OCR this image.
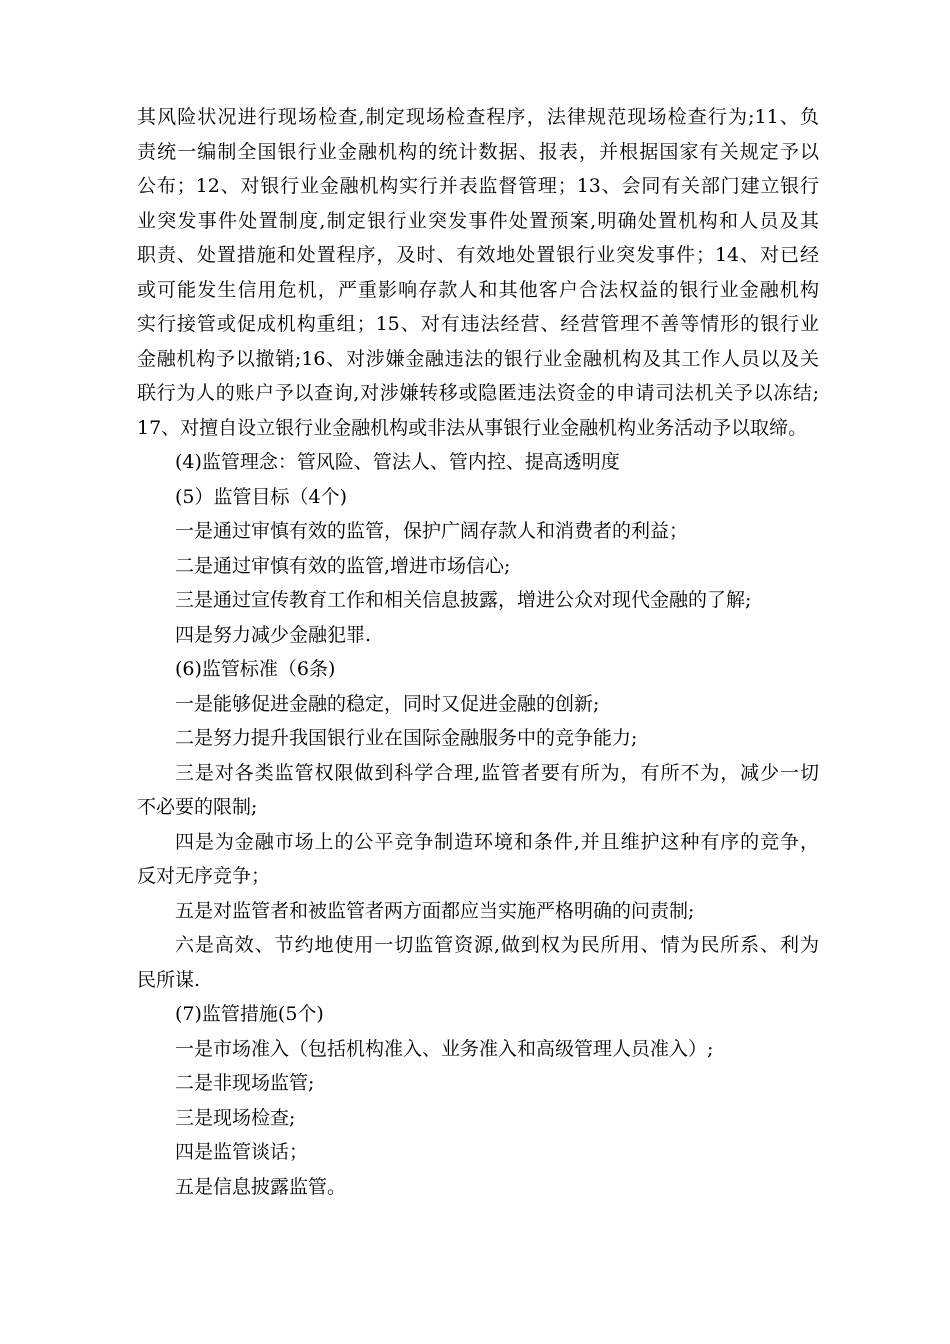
其风险状况进行现场检查,制定现场检查程序，法律规范现场检查行为;11、负
责统一编制全国银行业金融机构的统计数据、报表，并根据国家有关规定予以
公布；12、对银行业金融机构实行并表监督管理；13、会同有关部门建立银行
业突发事件处置制度,制定银行业突发事件处置预案,明确处置机构和人员及其
职责、处置措施和处置程序，及时、有效地处置银行业突发事件；14、对已经
或可能发生信用危机，严重影响存款人和其他客户合法权益的银行业金融机构
实行接管或促成机构重组；15、对有违法经营、经营管理不善等情形的银行业
金融机构予以撤销;16、对涉嫌金融违法的银行业金融机构及其工作人员以及关
联行为人的账户予以查询,对涉嫌转移或隐匿违法资金的申请司法机关予以冻结;
17、对擅自设立银行业金融机构或非法从事银行业金融机构业务活动予以取缔。
(4)监管理念：管风险、管法人、管内控、提高透明度
(5）监管目标（4个)
一是通过审慎有效的监管，保护广阔存款人和消费者的利益；
二是通过审慎有效的监管,增进市场信心;
三是通过宣传教育工作和相关信息披露，增进公众对现代金融的了解;
四是努力减少金融犯罪.
(6)监管标准（6条)
一是能够促进金融的稳定，同时又促进金融的创新;
二是努力提升我国银行业在国际金融服务中的竞争能力;
三是对各类监管权限做到科学合理,监管者要有所为，有所不为，减少一切
不必要的限制;
四是为金融市场上的公平竞争制造环境和条件,并且维护这种有序的竞争，
反对无序竞争；
五是对监管者和被监管者两方面都应当实施严格明确的问责制;
六是高效、节约地使用一切监管资源,做到权为民所用、情为民所系、利为
民所谋.
(7)监管措施(5个)
一是市场准入（包括机构准入、业务准入和高级管理人员准入）;
二是非现场监管;
三是现场检查;
四是监管谈话；
五是信息披露监管。
